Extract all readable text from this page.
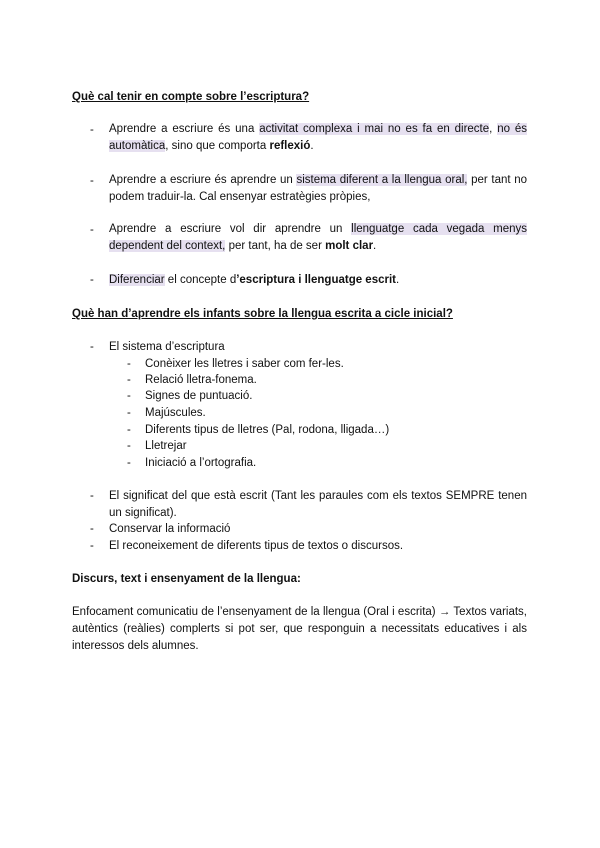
Què cal tenir en compte sobre l’escriptura?
- Aprendre a escriure és una activitat complexa i mai no es fa en directe, no és automàtica, sino que comporta reflexió.
- Aprendre a escriure és aprendre un sistema diferent a la llengua oral, per tant no podem traduir-la. Cal ensenyar estratègies pròpies,
- Aprendre a escriure vol dir aprendre un llenguatge cada vegada menys dependent del context, per tant, ha de ser molt clar.
- Diferenciar el concepte d’escriptura i llenguatge escrit.
Què han d’aprendre els infants sobre la llengua escrita a cicle inicial?
- El sistema d’escriptura
- Conèixer les lletres i saber com fer-les.
- Relació lletra-fonema.
- Signes de puntuació.
- Majúscules.
- Diferents tipus de lletres (Pal, rodona, lligada…)
- Lletrejar
- Iniciació a l’ortografia.
- El significat del que està escrit (Tant les paraules com els textos SEMPRE tenen un significat).
- Conservar la informació
- El reconeixement de diferents tipus de textos o discursos.
Discurs, text i ensenyament de la llengua:
Enfocament comunicatiu de l’ensenyament de la llengua (Oral i escrita) → Textos variats, autèntics (reàlies) complerts si pot ser, que responguin a necessitats educatives i als interessos dels alumnes.
